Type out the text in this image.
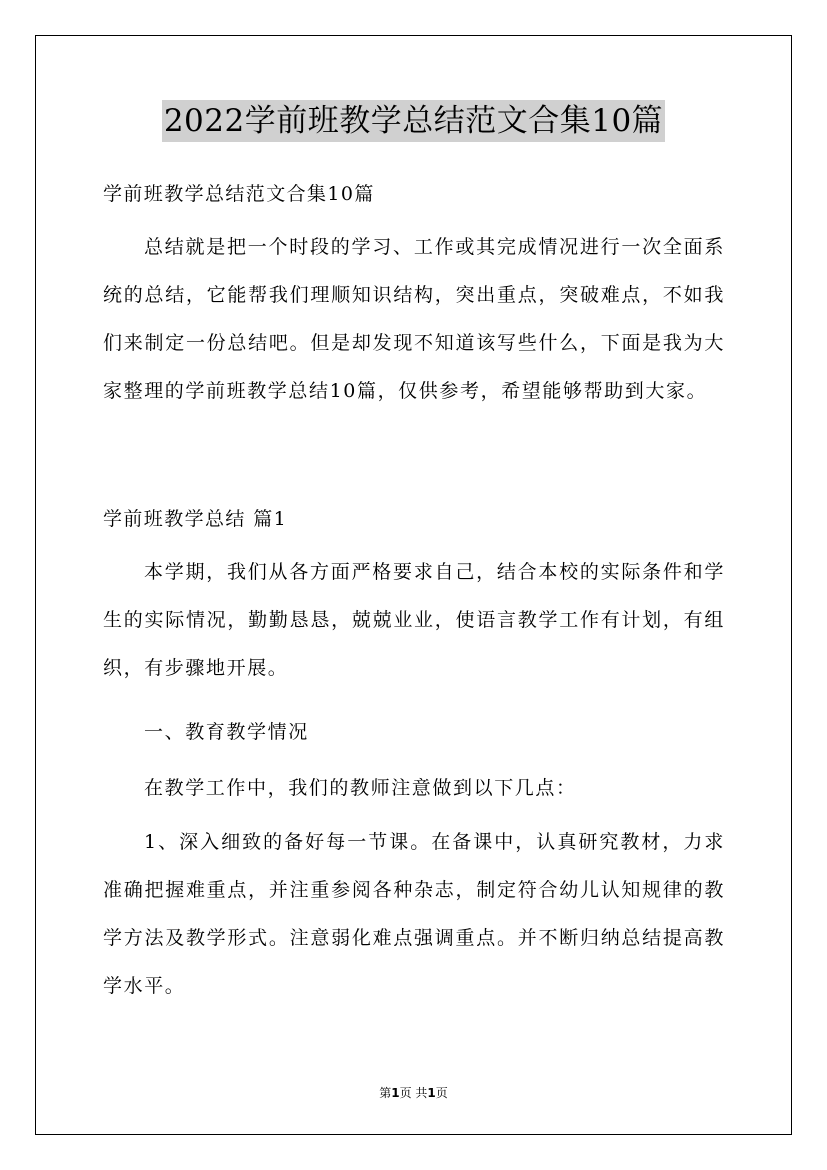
2022学前班教学总结范文合集10篇

学前班教学总结范文合集10篇

总结就是把一个时段的学习、工作或其完成情况进行一次全面系统的总结，它能帮我们理顺知识结构，突出重点，突破难点，不如我们来制定一份总结吧。但是却发现不知道该写些什么，下面是我为大家整理的学前班教学总结10篇，仅供参考，希望能够帮助到大家。

学前班教学总结 篇1

本学期，我们从各方面严格要求自己，结合本校的实际条件和学生的实际情况，勤勤恳恳，兢兢业业，使语言教学工作有计划，有组织，有步骤地开展。

一、教育教学情况

在教学工作中，我们的教师注意做到以下几点：

1、深入细致的备好每一节课。在备课中，认真研究教材，力求准确把握难重点，并注重参阅各种杂志，制定符合幼儿认知规律的教学方法及教学形式。注意弱化难点强调重点。并不断归纳总结提高教学水平。

第1页 共1页
